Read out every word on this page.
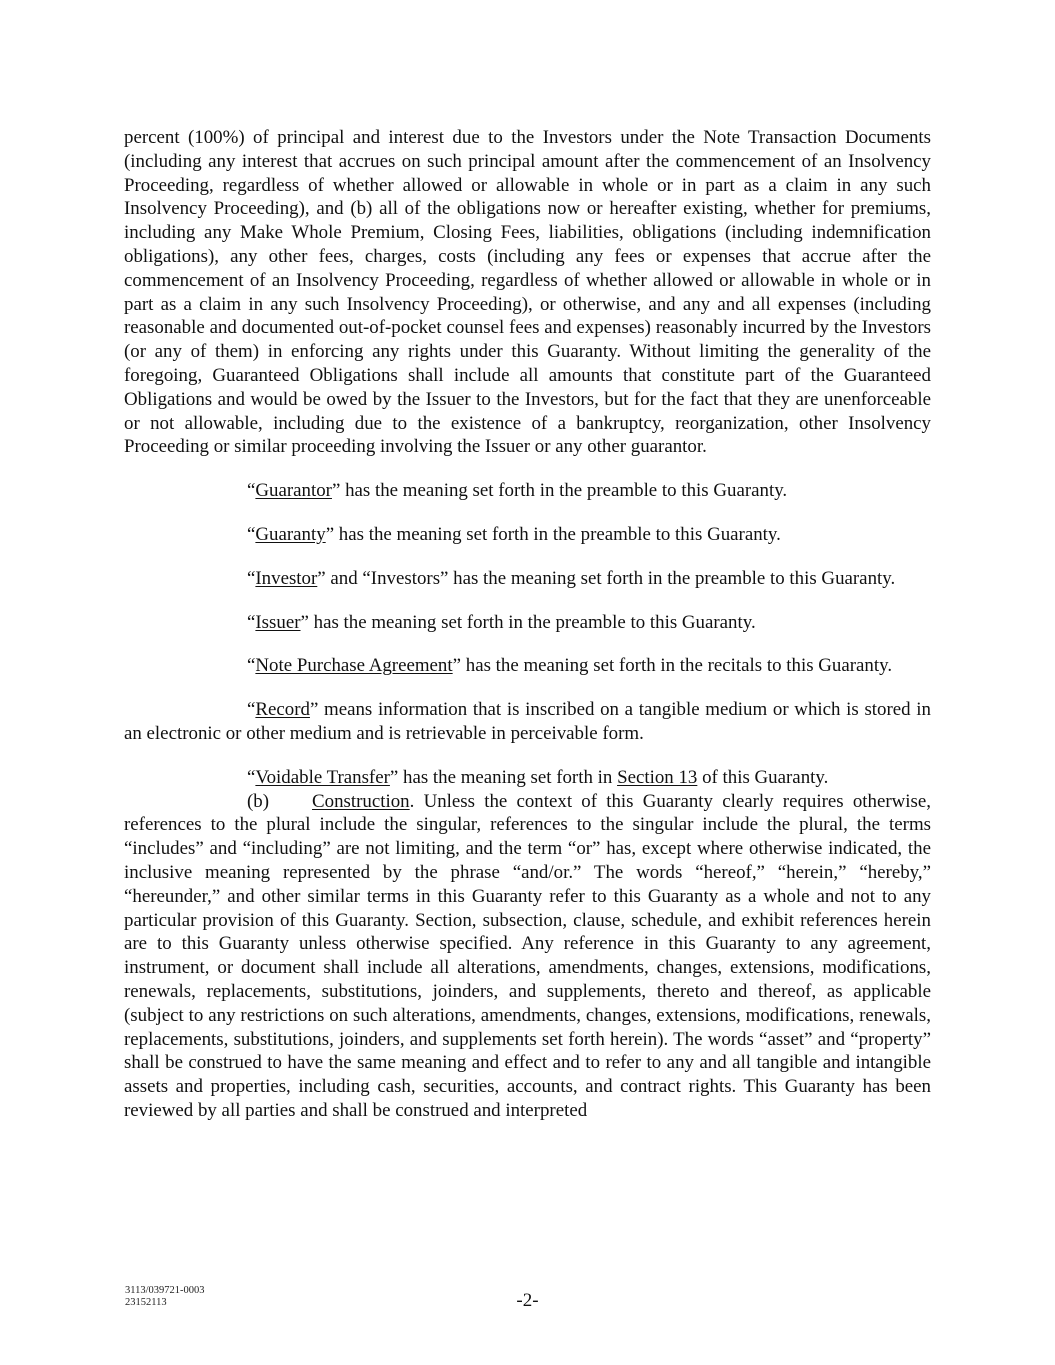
percent (100%) of principal and interest due to the Investors under the Note Transaction Documents (including any interest that accrues on such principal amount after the commencement of an Insolvency Proceeding, regardless of whether allowed or allowable in whole or in part as a claim in any such Insolvency Proceeding), and (b) all of the obligations now or hereafter existing, whether for premiums, including any Make Whole Premium, Closing Fees, liabilities, obligations (including indemnification obligations), any other fees, charges, costs (including any fees or expenses that accrue after the commencement of an Insolvency Proceeding, regardless of whether allowed or allowable in whole or in part as a claim in any such Insolvency Proceeding), or otherwise, and any and all expenses (including reasonable and documented out-of-pocket counsel fees and expenses) reasonably incurred by the Investors (or any of them) in enforcing any rights under this Guaranty. Without limiting the generality of the foregoing, Guaranteed Obligations shall include all amounts that constitute part of the Guaranteed Obligations and would be owed by the Issuer to the Investors, but for the fact that they are unenforceable or not allowable, including due to the existence of a bankruptcy, reorganization, other Insolvency Proceeding or similar proceeding involving the Issuer or any other guarantor.

“Guarantor” has the meaning set forth in the preamble to this Guaranty.

“Guaranty” has the meaning set forth in the preamble to this Guaranty.

“Investor” and “Investors” has the meaning set forth in the preamble to this Guaranty.

“Issuer” has the meaning set forth in the preamble to this Guaranty.

“Note Purchase Agreement” has the meaning set forth in the recitals to this Guaranty.

“Record” means information that is inscribed on a tangible medium or which is stored in an electronic or other medium and is retrievable in perceivable form.

“Voidable Transfer” has the meaning set forth in Section 13 of this Guaranty.

(b) Construction. Unless the context of this Guaranty clearly requires otherwise, references to the plural include the singular, references to the singular include the plural, the terms “includes” and “including” are not limiting, and the term “or” has, except where otherwise indicated, the inclusive meaning represented by the phrase “and/or.” The words “hereof,” “herein,” “hereby,” “hereunder,” and other similar terms in this Guaranty refer to this Guaranty as a whole and not to any particular provision of this Guaranty. Section, subsection, clause, schedule, and exhibit references herein are to this Guaranty unless otherwise specified. Any reference in this Guaranty to any agreement, instrument, or document shall include all alterations, amendments, changes, extensions, modifications, renewals, replacements, substitutions, joinders, and supplements, thereto and thereof, as applicable (subject to any restrictions on such alterations, amendments, changes, extensions, modifications, renewals, replacements, substitutions, joinders, and supplements set forth herein). The words “asset” and “property” shall be construed to have the same meaning and effect and to refer to any and all tangible and intangible assets and properties, including cash, securities, accounts, and contract rights. This Guaranty has been reviewed by all parties and shall be construed and interpreted

3113/039721-0003
23152113	-2-
